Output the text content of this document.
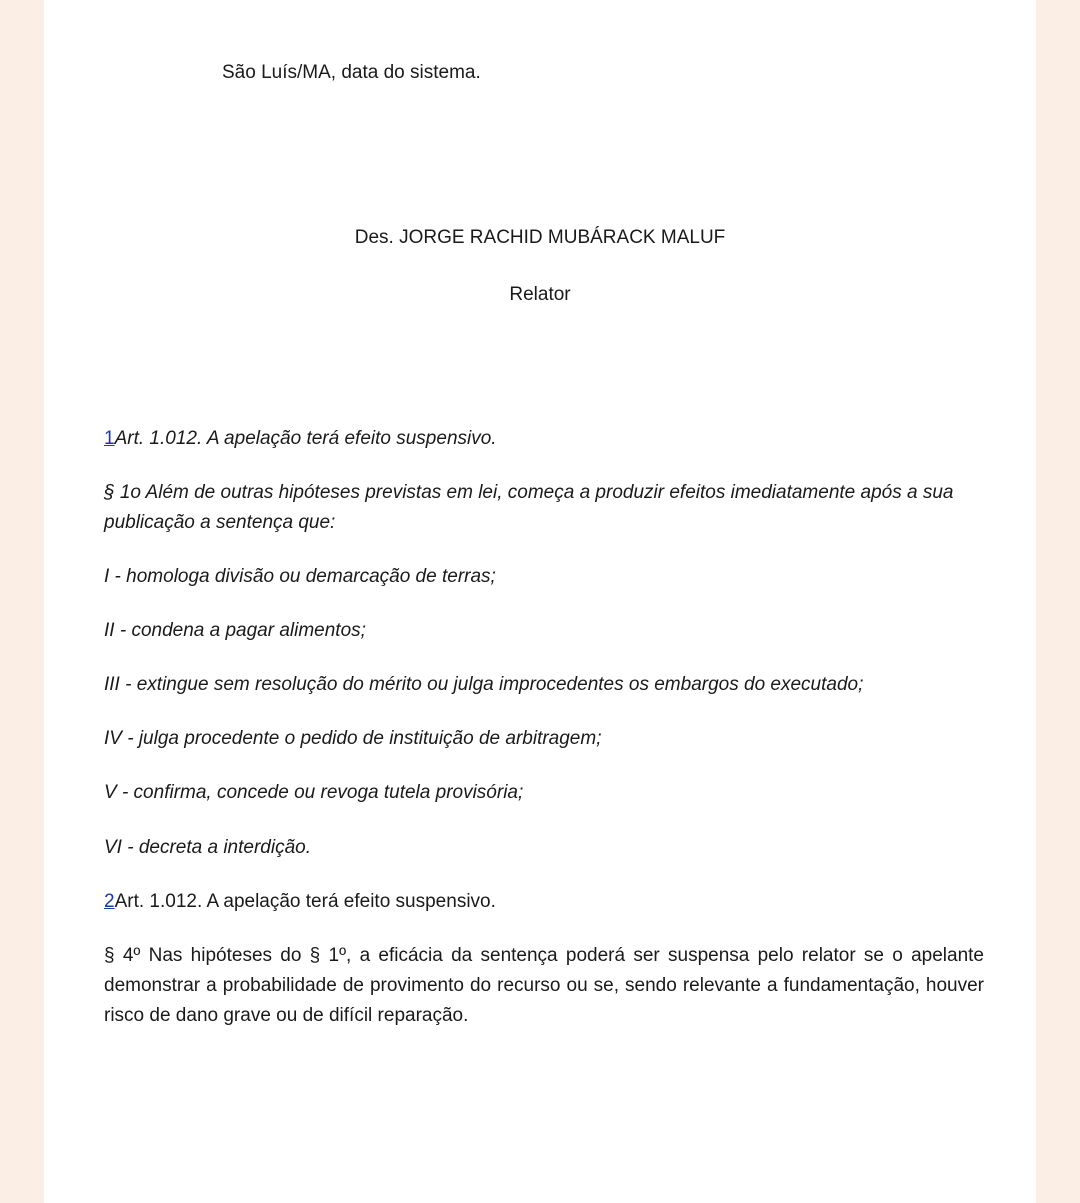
São Luís/MA, data do sistema.
Des. JORGE RACHID MUBÁRACK MALUF
Relator
1Art. 1.012. A apelação terá efeito suspensivo.
§ 1o Além de outras hipóteses previstas em lei, começa a produzir efeitos imediatamente após a sua publicação a sentença que:
I - homologa divisão ou demarcação de terras;
II - condena a pagar alimentos;
III - extingue sem resolução do mérito ou julga improcedentes os embargos do executado;
IV - julga procedente o pedido de instituição de arbitragem;
V - confirma, concede ou revoga tutela provisória;
VI - decreta a interdição.
2Art. 1.012. A apelação terá efeito suspensivo.
§ 4º Nas hipóteses do § 1º, a eficácia da sentença poderá ser suspensa pelo relator se o apelante demonstrar a probabilidade de provimento do recurso ou se, sendo relevante a fundamentação, houver risco de dano grave ou de difícil reparação.
